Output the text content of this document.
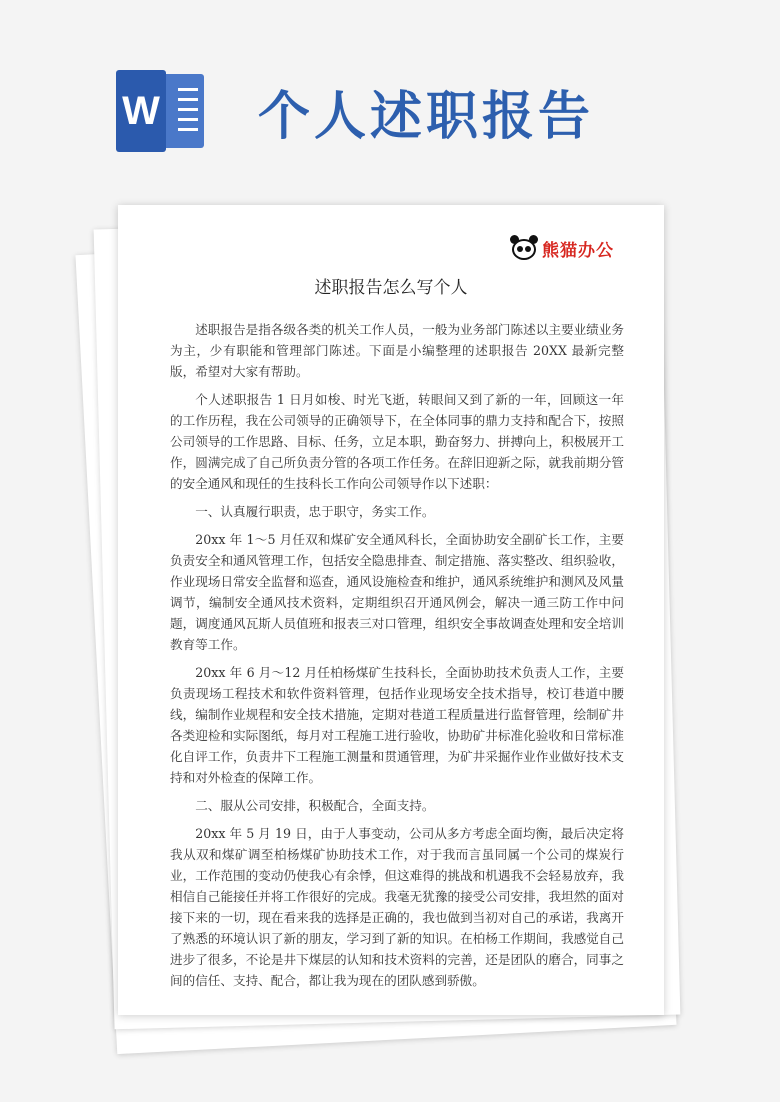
W 个人述职报告
熊猫办公
述职报告怎么写个人

述职报告是指各级各类的机关工作人员，一般为业务部门陈述以主要业绩业务为主，少有职能和管理部门陈述。下面是小编整理的述职报告 20XX 最新完整版，希望对大家有帮助。

个人述职报告 1 日月如梭、时光飞逝，转眼间又到了新的一年，回顾这一年的工作历程，我在公司领导的正确领导下，在全体同事的鼎力支持和配合下，按照公司领导的工作思路、目标、任务，立足本职，勤奋努力、拼搏向上，积极展开工作，圆满完成了自己所负责分管的各项工作任务。在辞旧迎新之际，就我前期分管的安全通风和现任的生技科长工作向公司领导作以下述职：

一、认真履行职责，忠于职守，务实工作。

20xx 年 1～5 月任双和煤矿安全通风科长，全面协助安全副矿长工作，主要负责安全和通风管理工作，包括安全隐患排查、制定措施、落实整改、组织验收，作业现场日常安全监督和巡查，通风设施检查和维护，通风系统维护和测风及风量调节，编制安全通风技术资料，定期组织召开通风例会，解决一通三防工作中问题，调度通风瓦斯人员值班和报表三对口管理，组织安全事故调查处理和安全培训教育等工作。

20xx 年 6 月～12 月任柏杨煤矿生技科长，全面协助技术负责人工作，主要负责现场工程技术和软件资料管理，包括作业现场安全技术指导，校订巷道中腰线，编制作业规程和安全技术措施，定期对巷道工程质量进行监督管理，绘制矿井各类迎检和实际图纸，每月对工程施工进行验收，协助矿井标准化验收和日常标准化自评工作，负责井下工程施工测量和贯通管理，为矿井采掘作业作业做好技术支持和对外检查的保障工作。

二、服从公司安排，积极配合，全面支持。

20xx 年 5 月 19 日，由于人事变动，公司从多方考虑全面均衡，最后决定将我从双和煤矿调至柏杨煤矿协助技术工作，对于我而言虽同属一个公司的煤炭行业，工作范围的变动仍使我心有余悸，但这难得的挑战和机遇我不会轻易放弃，我相信自己能接任并将工作很好的完成。我毫无犹豫的接受公司安排，我坦然的面对接下来的一切，现在看来我的选择是正确的，我也做到当初对自己的承诺，我离开了熟悉的环境认识了新的朋友，学习到了新的知识。在柏杨工作期间，我感觉自己进步了很多，不论是井下煤层的认知和技术资料的完善，还是团队的磨合，同事之间的信任、支持、配合，都让我为现在的团队感到骄傲。
